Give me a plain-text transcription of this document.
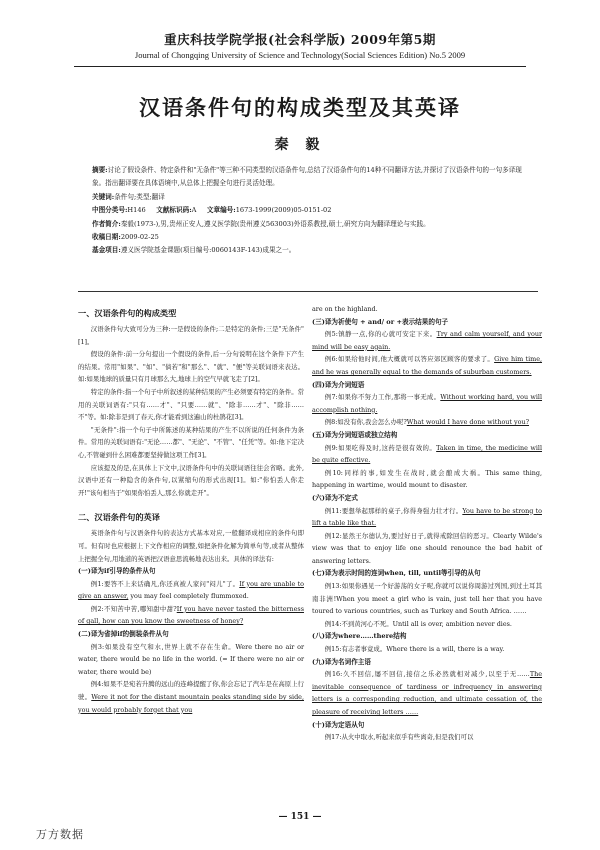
重庆科技学院学报(社会科学版) 2009年第5期
Journal of Chongqing University of Science and Technology(Social Sciences Edition) No.5 2009
汉语条件句的构成类型及其英译
秦 毅
摘要:讨论了假设条件、特定条件和"无条件"等三种不同类型的汉语条件句,总结了汉语条件句的14种不同翻译方法,并探讨了汉语条件句的一句多译现象。指出翻译要在具体语境中,从总体上把握全句进行灵活处理。
关键词:条件句;类型;翻译
中图分类号:H146 文献标识码:A 文章编号:1673-1999(2009)05-0151-02
作者简介:秦毅(1973-),男,贵州正安人,遵义医学院(贵州遵义563003)外语系教授,硕士,研究方向为翻译理论与实践。
收稿日期:2009-02-25
基金项目:遵义医学院基金课题(项目编号:0060143F-143)成果之一。
一、汉语条件句的构成类型

汉语条件句大致可分为三种:一是假设的条件;二是特定的条件;三是"无条件"[1]。

假设的条件:前一分句提出一个假设的条件,后一分句说明在这个条件下产生的结果。常用"如果"、"如"、"倘若"和"那么"、"就"、"便"等关联词语来表达。如:如果地球的质量只有月球那么大,地球上的空气早就飞走了[2]。

特定的条件:指一个句子中所叙述的某种结果的产生必须要有特定的条件。常用的关联词语有:"只有……才"、"只要……就"、"除非……才"、"除非……不"等。如:除非是到了春天,你才能看到这遍山的杜鹃花[3]。

"无条件":指一个句子中所陈述的某种结果的产生不以所说的任何条件为条件。常用的关联词语有:"无论……都"、"无论"、"不管"、"任凭"等。如:他下定决心,不管碰到什么困难都要坚持做这项工作[3]。

应该提及的是,在具体上下文中,汉语条件句中的关联词语往往会省略。此外,汉语中还有一种隐含的条件句,以紧缩句的形式出现[1]。如:"你怕丢人你走开!"该句相当于"如果你怕丢人,那么你就走开"。

二、汉语条件句的英译

英语条件句与汉语条件句的表达方式基本对应,一般翻译成相应的条件句即可。但有时也应根据上下文作相应的调整,如把条件化解为简单句等,或者从整体上把握全句,用地道的英语把汉语意思流畅地表达出来。具体的译法有:

(一)译为if引导的条件从句

例1:要答不上来话确凡,你还真被人家问"闷儿"了。If you are unable to give an answer, you may feel completely flummoxed.

例2:不知苦中苦,哪知甜中甜?If you have never tasted the bitterness of gall, how can you know the sweetness of honey?

(二)译为省掉if的倒装条件从句

例3:如果没有空气和水,世界上就不存在生命。Were there no air or water, there would be no life in the world. (= If there were no air or water, there would be)

例4:如果不是宛若升腾的远山的连峰提醒了你,你会忘记了汽车是在高原上行驶。Were it not for the distant mountain peaks standing side by side, you would probably forget that you

are on the highland.

(三)译为祈使句 + and/ or +表示结果的句子

例5:镇静一点,你的心就可安定下来。Try and calm yourself, and your mind will be easy again.

例6:如果给他时间,他大概就可以答应郊区顾客的要求了。Give him time, and he was generally equal to the demands of suburban customers.

(四)译为介词短语

例7:如果你不努力工作,那将一事无成。Without working hard, you will accomplish nothing.

例8:如没有你,我会怎么办呢?What would I have done without you?

(五)译为分词短语或独立结构

例9:如果吃得及时,这药是很有效的。Taken in time, the medicine will be quite effective.

例10:同样的事,如发生在战时,就会酿成大祸。This same thing, happening in wartime, would mount to disaster.

(六)译为不定式

例11:要想举起那样的桌子,你得身强力壮才行。You have to be strong to lift a table like that.

例12:显然王尔德认为,要过好日子,就得戒除回信的恶习。Clearly Wilde's view was that to enjoy life one should renounce the bad habit of answering letters.

(七)译为表示时间的连词when, till, until等引导的从句

例13:如果你遇见一个好游荡的女子呢,你就可以说你周游过列国,到过土耳其南非洲!When you meet a girl who is vain, just tell her that you have toured to various countries, such as Turkey and South Africa. ……

例14:不到黄河心不死。Until all is over, ambition never dies.

(八)译为where……there结构

例15:有志者事竟成。Where there is a will, there is a way.

(九)译为名词作主语

例16:久不回信,屡不回信,接信之乐必然就相对减少,以至于无……The inevitable consequence of tardiness or infrequency in answering letters is a corresponding reduction, and ultimate cessation of, the pleasure of receiving letters ……

(十)译为定语从句

例17:从火中取水,听起来似乎有些离奇,但是我们可以

— 151 —
万方数据
